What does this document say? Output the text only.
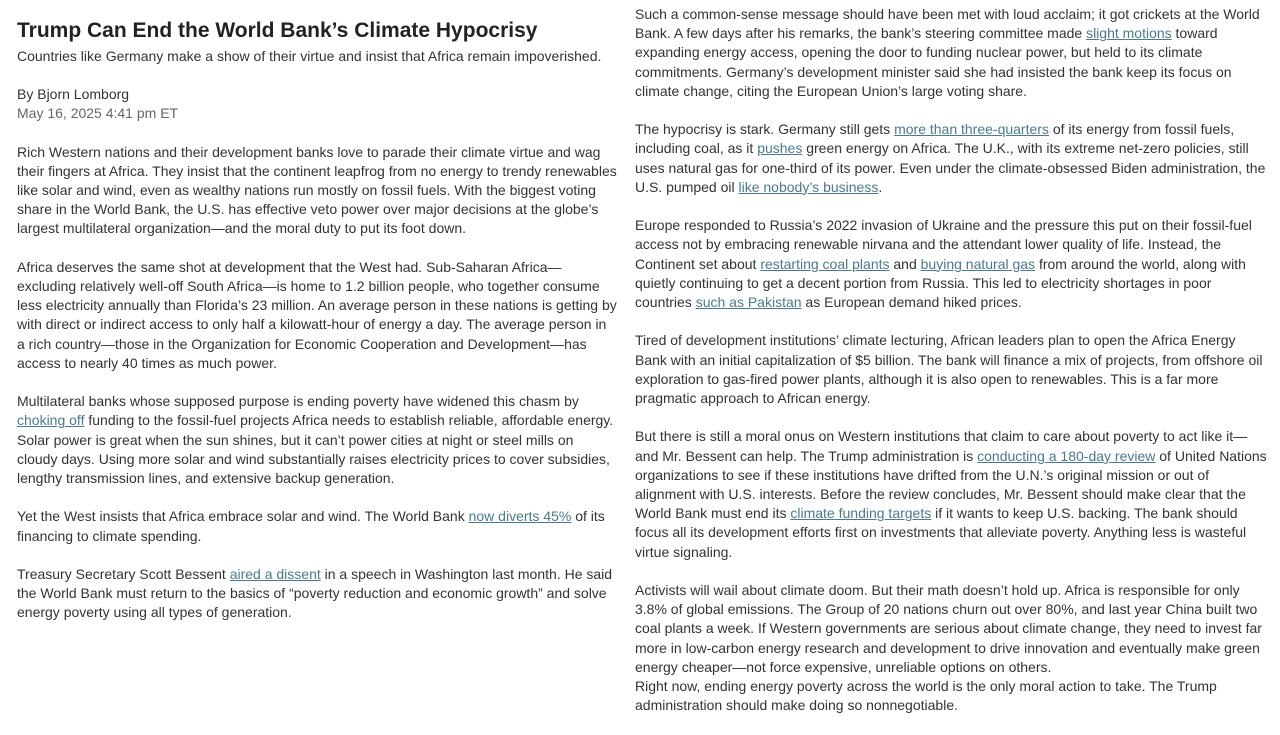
Trump Can End the World Bank’s Climate Hypocrisy
Countries like Germany make a show of their virtue and insist that Africa remain impoverished.
By Bjorn Lomborg
May 16, 2025 4:41 pm ET

Rich Western nations and their development banks love to parade their climate virtue and wag their fingers at Africa. They insist that the continent leapfrog from no energy to trendy renewables like solar and wind, even as wealthy nations run mostly on fossil fuels. With the biggest voting share in the World Bank, the U.S. has effective veto power over major decisions at the globe’s largest multilateral organization—and the moral duty to put its foot down.

Africa deserves the same shot at development that the West had. Sub-Saharan Africa—excluding relatively well-off South Africa—is home to 1.2 billion people, who together consume less electricity annually than Florida’s 23 million. An average person in these nations is getting by with direct or indirect access to only half a kilowatt-hour of energy a day. The average person in a rich country—those in the Organization for Economic Cooperation and Development—has access to nearly 40 times as much power.

Multilateral banks whose supposed purpose is ending poverty have widened this chasm by choking off funding to the fossil-fuel projects Africa needs to establish reliable, affordable energy. Solar power is great when the sun shines, but it can’t power cities at night or steel mills on cloudy days. Using more solar and wind substantially raises electricity prices to cover subsidies, lengthy transmission lines, and extensive backup generation.

Yet the West insists that Africa embrace solar and wind. The World Bank now diverts 45% of its financing to climate spending.

Treasury Secretary Scott Bessent aired a dissent in a speech in Washington last month. He said the World Bank must return to the basics of “poverty reduction and economic growth” and solve energy poverty using all types of generation.

Such a common-sense message should have been met with loud acclaim; it got crickets at the World Bank. A few days after his remarks, the bank’s steering committee made slight motions toward expanding energy access, opening the door to funding nuclear power, but held to its climate commitments. Germany’s development minister said she had insisted the bank keep its focus on climate change, citing the European Union’s large voting share.

The hypocrisy is stark. Germany still gets more than three-quarters of its energy from fossil fuels, including coal, as it pushes green energy on Africa. The U.K., with its extreme net-zero policies, still uses natural gas for one-third of its power. Even under the climate-obsessed Biden administration, the U.S. pumped oil like nobody’s business.

Europe responded to Russia’s 2022 invasion of Ukraine and the pressure this put on their fossil-fuel access not by embracing renewable nirvana and the attendant lower quality of life. Instead, the Continent set about restarting coal plants and buying natural gas from around the world, along with quietly continuing to get a decent portion from Russia. This led to electricity shortages in poor countries such as Pakistan as European demand hiked prices.

Tired of development institutions’ climate lecturing, African leaders plan to open the Africa Energy Bank with an initial capitalization of $5 billion. The bank will finance a mix of projects, from offshore oil exploration to gas-fired power plants, although it is also open to renewables. This is a far more pragmatic approach to African energy.

But there is still a moral onus on Western institutions that claim to care about poverty to act like it—and Mr. Bessent can help. The Trump administration is conducting a 180-day review of United Nations organizations to see if these institutions have drifted from the U.N.’s original mission or out of alignment with U.S. interests. Before the review concludes, Mr. Bessent should make clear that the World Bank must end its climate funding targets if it wants to keep U.S. backing. The bank should focus all its development efforts first on investments that alleviate poverty. Anything less is wasteful virtue signaling.

Activists will wail about climate doom. But their math doesn’t hold up. Africa is responsible for only 3.8% of global emissions. The Group of 20 nations churn out over 80%, and last year China built two coal plants a week. If Western governments are serious about climate change, they need to invest far more in low-carbon energy research and development to drive innovation and eventually make green energy cheaper—not force expensive, unreliable options on others.

Right now, ending energy poverty across the world is the only moral action to take. The Trump administration should make doing so nonnegotiable.
